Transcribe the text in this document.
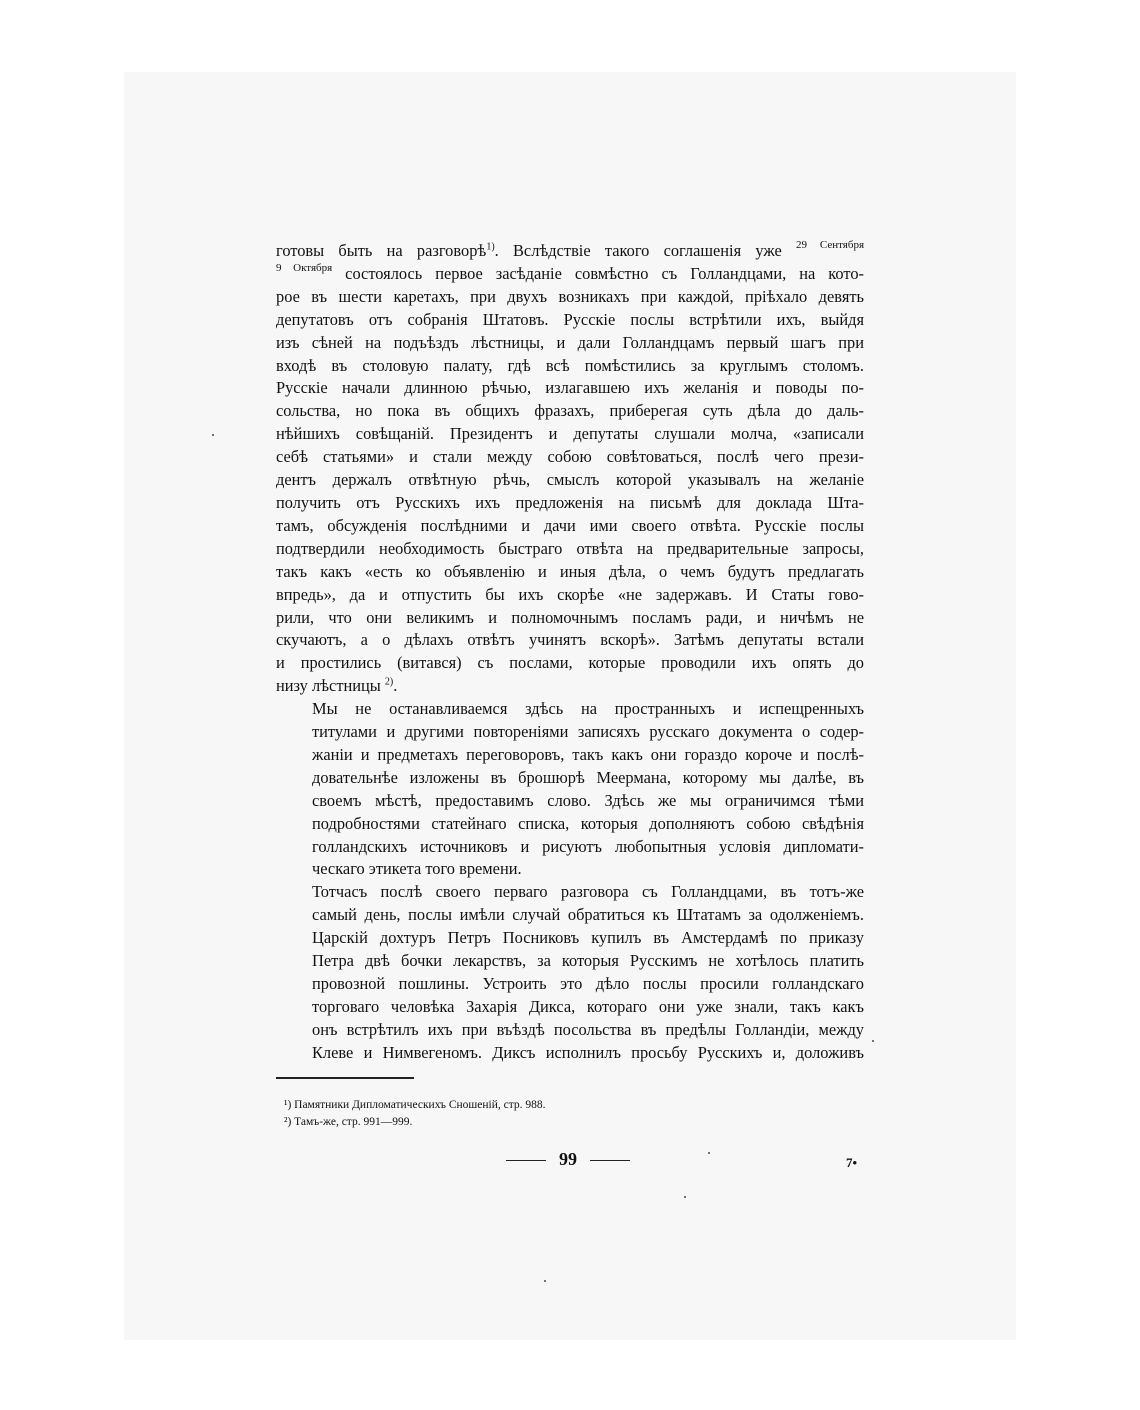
готовы быть на разговорѣ$^{1)}$. Вслѣдствіе такого соглашенія уже $^{29 Сентября}$
$^{9 Октября}$ состоялось первое засѣданіе совмѣстно съ Голландцами, на кото-
рое въ шести каретахъ, при двухъ возникахъ при каждой, пріѣхало девять
депутатовъ отъ собранія Штатовъ. Русскіе послы встрѣтили ихъ, выйдя
изъ сѣней на подъѣздъ лѣстницы, и дали Голландцамъ первый шагъ при
входѣ въ столовую палату, гдѣ всѣ помѣстились за круглымъ столомъ.
Русскіе начали длинною рѣчью, излагавшею ихъ желанія и поводы по-
сольства, но пока въ общихъ фразахъ, приберегая суть дѣла до даль-
нѣйшихъ совѣщаній. Президентъ и депутаты слушали молча, «записали
себѣ статьями» и стали между собою совѣтоваться, послѣ чего прези-
дентъ держалъ отвѣтную рѣчь, смыслъ которой указывалъ на желаніе
получить отъ Русскихъ ихъ предложенія на письмѣ для доклада Шта-
тамъ, обсужденія послѣдними и дачи ими своего отвѣта. Русскіе послы
подтвердили необходимость быстраго отвѣта на предварительные запросы,
такъ какъ «есть ко объявленію и иныя дѣла, о чемъ будутъ предлагать
впредь», да и отпустить бы ихъ скорѣе «не задержавъ. И Статы гово-
рили, что они великимъ и полномочнымъ посламъ ради, и ничѣмъ не
скучаютъ, а о дѣлахъ отвѣтъ учинятъ вскорѣ». Затѣмъ депутаты встали
и простились (витався) съ послами, которые проводили ихъ опять до
низу лѣстницы $^{2)}$.

Мы не останавливаемся здѣсь на пространныхъ и испещренныхъ
титулами и другими повтореніями записяхъ русскаго документа о содер-
жаніи и предметахъ переговоровъ, такъ какъ они гораздо короче и послѣ-
довательнѣе изложены въ брошюрѣ Меермана, которому мы далѣе, въ
своемъ мѣстѣ, предоставимъ слово. Здѣсь же мы ограничимся тѣми
подробностями статейнаго списка, которыя дополняютъ собою свѣдѣнія
голландскихъ источниковъ и рисуютъ любопытныя условія дипломати-
ческаго этикета того времени.

Тотчасъ послѣ своего перваго разговора съ Голландцами, въ тотъ-же
самый день, послы имѣли случай обратиться къ Штатамъ за одолженіемъ.
Царскій дохтуръ Петръ Посниковъ купилъ въ Амстердамѣ по приказу
Петра двѣ бочки лекарствъ, за которыя Русскимъ не хотѣлось платить
провозной пошлины. Устроить это дѣло послы просили голландскаго
торговаго человѣка Захарія Дикса, котораго они уже знали, такъ какъ
онъ встрѣтилъ ихъ при въѣздѣ посольства въ предѣлы Голландіи, между
Клеве и Нимвегеномъ. Диксъ исполнилъ просьбу Русскихъ и, доложивъ

¹) Памятники Дипломатическихъ Сношеній, стр. 988.
²) Тамъ-же, стр. 991—999.
99	7•
